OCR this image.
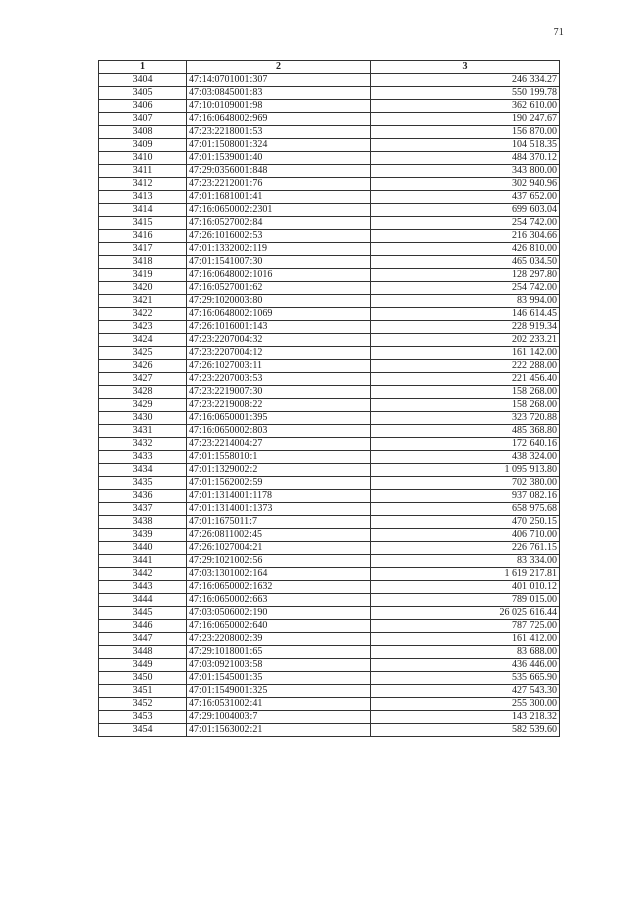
71
1	2	3
3404	47:14:0701001:307	246 334.27
3405	47:03:0845001:83	550 199.78
3406	47:10:0109001:98	362 610.00
3407	47:16:0648002:969	190 247.67
3408	47:23:2218001:53	156 870.00
3409	47:01:1508001:324	104 518.35
3410	47:01:1539001:40	484 370.12
3411	47:29:0356001:848	343 800.00
3412	47:23:2212001:76	302 940.96
3413	47:01:1681001:41	437 652.00
3414	47:16:0650002:2301	699 603.04
3415	47:16:0527002:84	254 742.00
3416	47:26:1016002:53	216 304.66
3417	47:01:1332002:119	426 810.00
3418	47:01:1541007:30	465 034.50
3419	47:16:0648002:1016	128 297.80
3420	47:16:0527001:62	254 742.00
3421	47:29:1020003:80	83 994.00
3422	47:16:0648002:1069	146 614.45
3423	47:26:1016001:143	228 919.34
3424	47:23:2207004:32	202 233.21
3425	47:23:2207004:12	161 142.00
3426	47:26:1027003:11	222 288.00
3427	47:23:2207003:53	221 456.40
3428	47:23:2219007:30	158 268.00
3429	47:23:2219008:22	158 268.00
3430	47:16:0650001:395	323 720.88
3431	47:16:0650002:803	485 368.80
3432	47:23:2214004:27	172 640.16
3433	47:01:1558010:1	438 324.00
3434	47:01:1329002:2	1 095 913.80
3435	47:01:1562002:59	702 380.00
3436	47:01:1314001:1178	937 082.16
3437	47:01:1314001:1373	658 975.68
3438	47:01:1675011:7	470 250.15
3439	47:26:0811002:45	406 710.00
3440	47:26:1027004:21	226 761.15
3441	47:29:1021002:56	83 334.00
3442	47:03:1301002:164	1 619 217.81
3443	47:16:0650002:1632	401 010.12
3444	47:16:0650002:663	789 015.00
3445	47:03:0506002:190	26 025 616.44
3446	47:16:0650002:640	787 725.00
3447	47:23:2208002:39	161 412.00
3448	47:29:1018001:65	83 688.00
3449	47:03:0921003:58	436 446.00
3450	47:01:1545001:35	535 665.90
3451	47:01:1549001:325	427 543.30
3452	47:16:0531002:41	255 300.00
3453	47:29:1004003:7	143 218.32
3454	47:01:1563002:21	582 539.60
